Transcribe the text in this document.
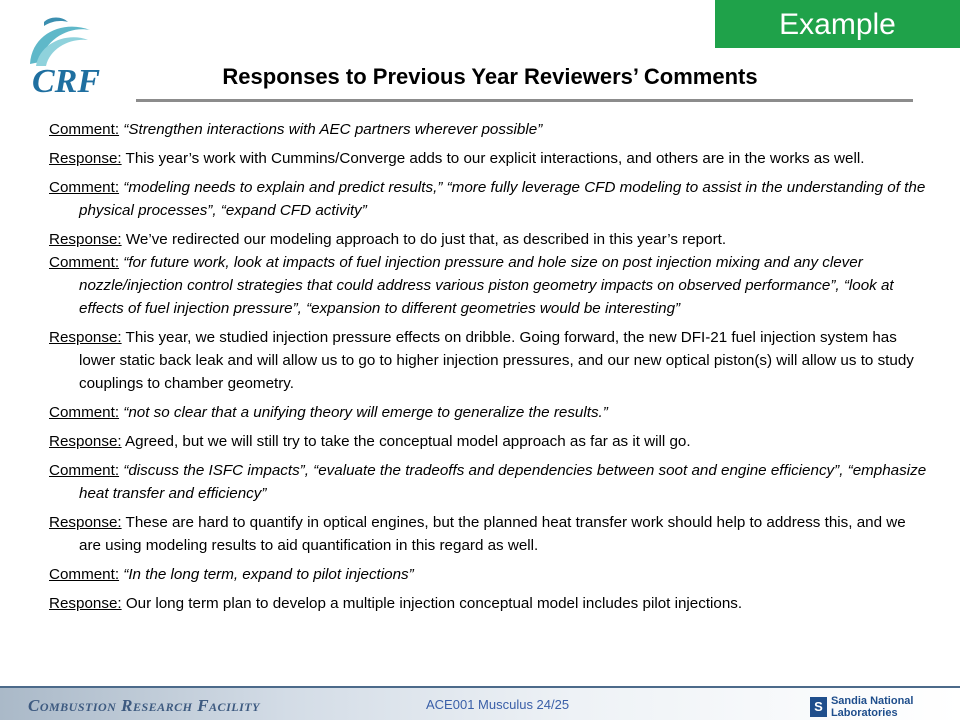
Example
CRF	Responses to Previous Year Reviewers’ Comments

Comment: “Strengthen interactions with AEC partners wherever possible”

Response: This year’s work with Cummins/Converge adds to our explicit interactions, and others are in the works as well.

Comment: “modeling needs to explain and predict results,” “more fully leverage CFD modeling to assist in the understanding of the physical processes”, “expand CFD activity”

Response: We’ve redirected our modeling approach to do just that, as described in this year’s report.

Comment: “for future work, look at impacts of fuel injection pressure and hole size on post injection mixing and any clever nozzle/injection control strategies that could address various piston geometry impacts on observed performance”, “look at effects of fuel injection pressure”, “expansion to different geometries would be interesting”

Response: This year, we studied injection pressure effects on dribble. Going forward, the new DFI-21 fuel injection system has lower static back leak and will allow us to go to higher injection pressures, and our new optical piston(s) will allow us to study couplings to chamber geometry.

Comment: “not so clear that a unifying theory will emerge to generalize the results.”

Response: Agreed, but we will still try to take the conceptual model approach as far as it will go.

Comment: “discuss the ISFC impacts”, “evaluate the tradeoffs and dependencies between soot and engine efficiency”, “emphasize heat transfer and efficiency”

Response: These are hard to quantify in optical engines, but the planned heat transfer work should help to address this, and we are using modeling results to aid quantification in this regard as well.

Comment: “In the long term, expand to pilot injections”

Response: Our long term plan to develop a multiple injection conceptual model includes pilot injections.

Combustion Research Facility	ACE001 Musculus 24/25	S Sandia National Laboratories
